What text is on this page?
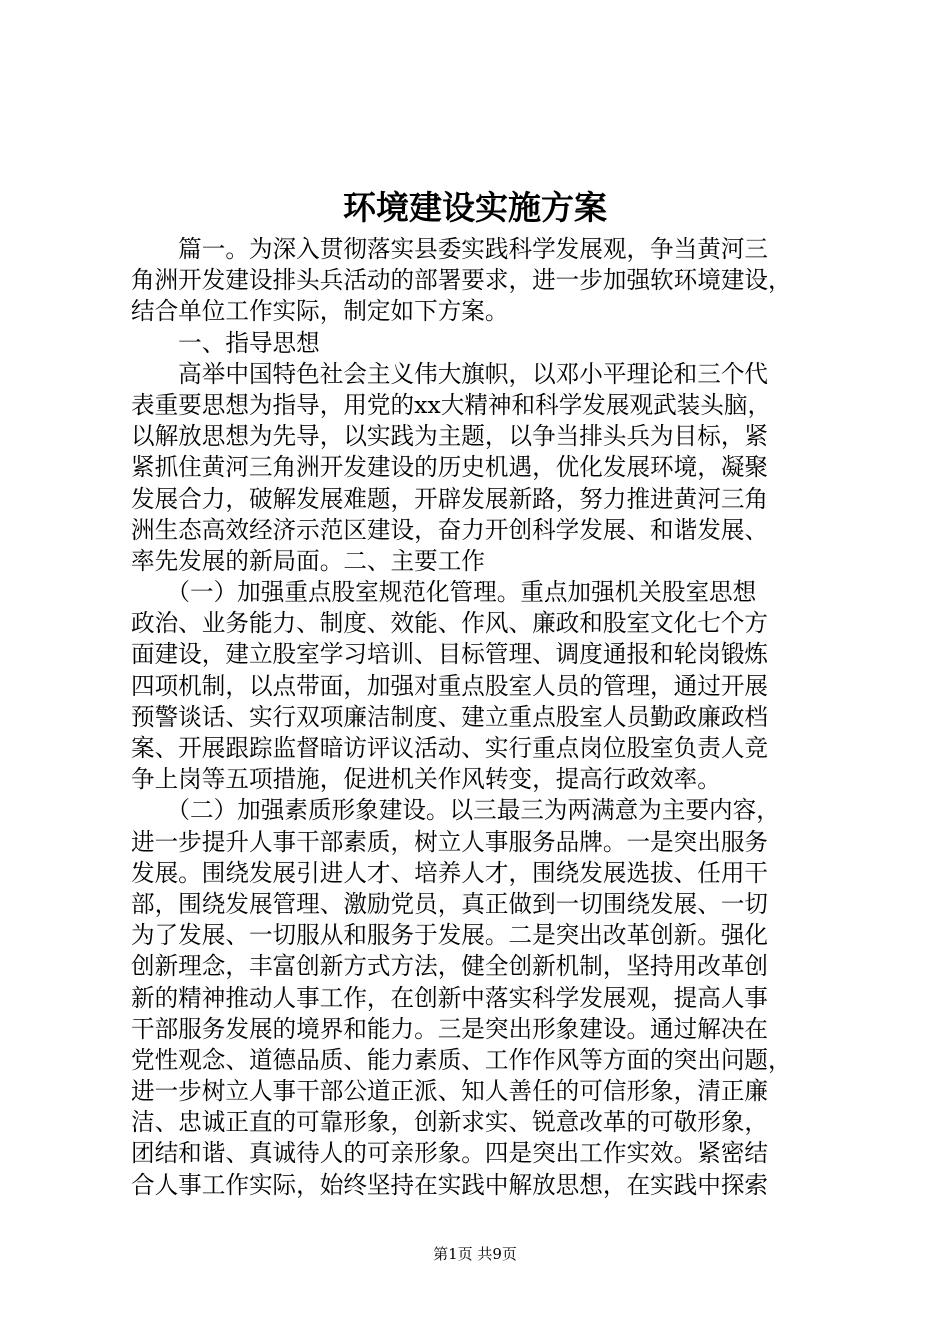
环境建设实施方案
　　篇一。为深入贯彻落实县委实践科学发展观，争当黄河三
角洲开发建设排头兵活动的部署要求，进一步加强软环境建设，
结合单位工作实际，制定如下方案。
　　一、指导思想
　　高举中国特色社会主义伟大旗帜，以邓小平理论和三个代
表重要思想为指导，用党的xx大精神和科学发展观武装头脑，
以解放思想为先导，以实践为主题，以争当排头兵为目标，紧
紧抓住黄河三角洲开发建设的历史机遇，优化发展环境，凝聚
发展合力，破解发展难题，开辟发展新路，努力推进黄河三角
洲生态高效经济示范区建设，奋力开创科学发展、和谐发展、
率先发展的新局面。二、主要工作
　　（一）加强重点股室规范化管理。重点加强机关股室思想
政治、业务能力、制度、效能、作风、廉政和股室文化七个方
面建设，建立股室学习培训、目标管理、调度通报和轮岗锻炼
四项机制，以点带面，加强对重点股室人员的管理，通过开展
预警谈话、实行双项廉洁制度、建立重点股室人员勤政廉政档
案、开展跟踪监督暗访评议活动、实行重点岗位股室负责人竞
争上岗等五项措施，促进机关作风转变，提高行政效率。
　　（二）加强素质形象建设。以三最三为两满意为主要内容，
进一步提升人事干部素质，树立人事服务品牌。一是突出服务
发展。围绕发展引进人才、培养人才，围绕发展选拔、任用干
部，围绕发展管理、激励党员，真正做到一切围绕发展、一切
为了发展、一切服从和服务于发展。二是突出改革创新。强化
创新理念，丰富创新方式方法，健全创新机制，坚持用改革创
新的精神推动人事工作，在创新中落实科学发展观，提高人事
干部服务发展的境界和能力。三是突出形象建设。通过解决在
党性观念、道德品质、能力素质、工作作风等方面的突出问题，
进一步树立人事干部公道正派、知人善任的可信形象，清正廉
洁、忠诚正直的可靠形象，创新求实、锐意改革的可敬形象，
团结和谐、真诚待人的可亲形象。四是突出工作实效。紧密结
合人事工作实际，始终坚持在实践中解放思想，在实践中探索
第1页 共9页
